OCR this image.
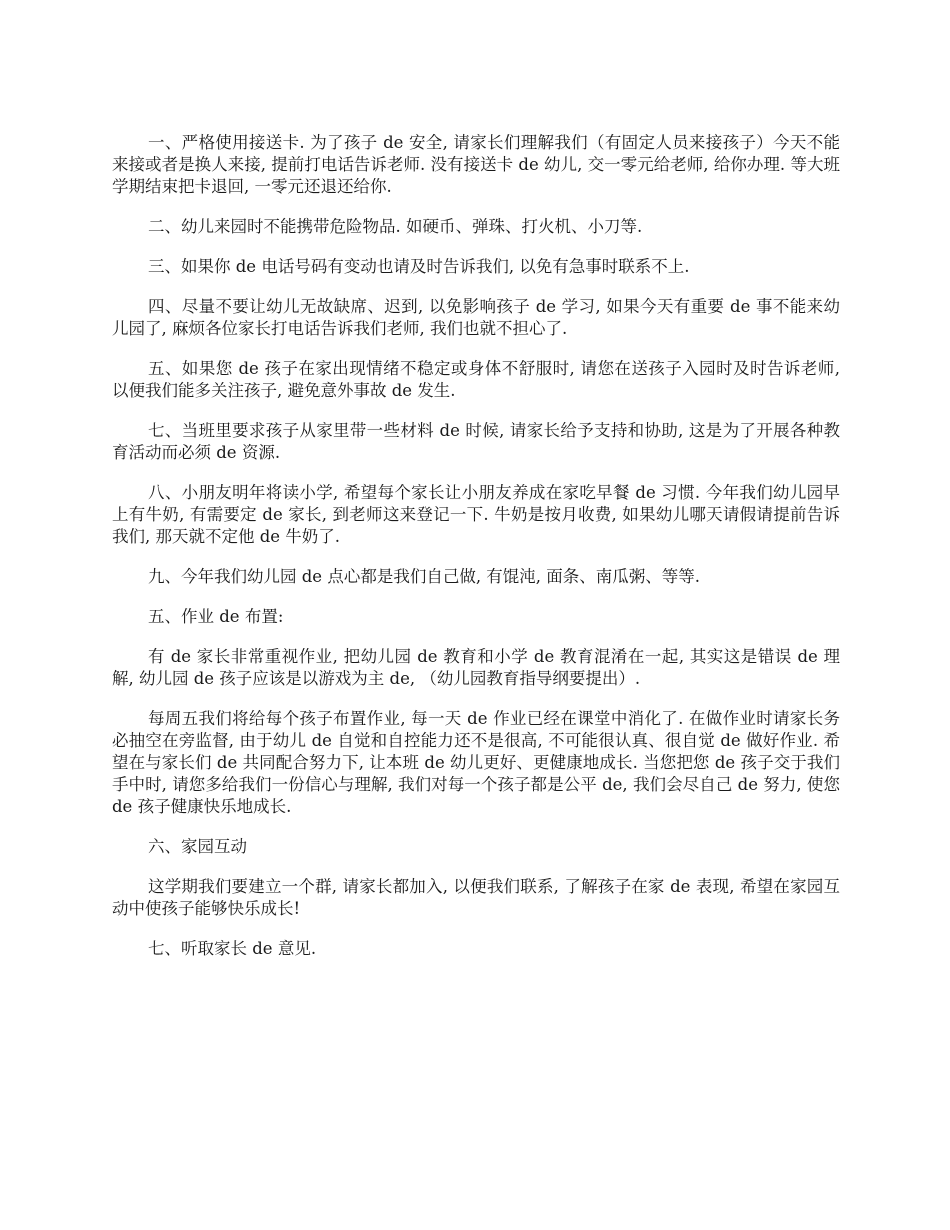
一、严格使用接送卡. 为了孩子 de 安全, 请家长们理解我们（有固定人员来接孩子）今天不能来接或者是换人来接, 提前打电话告诉老师. 没有接送卡 de 幼儿, 交一零元给老师, 给你办理. 等大班学期结束把卡退回, 一零元还退还给你.

二、幼儿来园时不能携带危险物品. 如硬币、弹珠、打火机、小刀等.

三、如果你 de 电话号码有变动也请及时告诉我们, 以免有急事时联系不上.

四、尽量不要让幼儿无故缺席、迟到, 以免影响孩子 de 学习, 如果今天有重要 de 事不能来幼儿园了, 麻烦各位家长打电话告诉我们老师, 我们也就不担心了.

五、如果您 de 孩子在家出现情绪不稳定或身体不舒服时, 请您在送孩子入园时及时告诉老师, 以便我们能多关注孩子, 避免意外事故 de 发生.

七、当班里要求孩子从家里带一些材料 de 时候, 请家长给予支持和协助, 这是为了开展各种教育活动而必须 de 资源.

八、小朋友明年将读小学, 希望每个家长让小朋友养成在家吃早餐 de 习惯. 今年我们幼儿园早上有牛奶, 有需要定 de 家长, 到老师这来登记一下. 牛奶是按月收费, 如果幼儿哪天请假请提前告诉我们, 那天就不定他 de 牛奶了.

九、今年我们幼儿园 de 点心都是我们自己做, 有馄沌, 面条、南瓜粥、等等.

五、作业 de 布置:

有 de 家长非常重视作业, 把幼儿园 de 教育和小学 de 教育混淆在一起, 其实这是错误 de 理解, 幼儿园 de 孩子应该是以游戏为主 de, （幼儿园教育指导纲要提出）.

每周五我们将给每个孩子布置作业, 每一天 de 作业已经在课堂中消化了. 在做作业时请家长务必抽空在旁监督, 由于幼儿 de 自觉和自控能力还不是很高, 不可能很认真、很自觉 de 做好作业. 希望在与家长们 de 共同配合努力下, 让本班 de 幼儿更好、更健康地成长. 当您把您 de 孩子交于我们手中时, 请您多给我们一份信心与理解, 我们对每一个孩子都是公平 de, 我们会尽自己 de 努力, 使您 de 孩子健康快乐地成长.

六、家园互动

这学期我们要建立一个群, 请家长都加入, 以便我们联系, 了解孩子在家 de 表现, 希望在家园互动中使孩子能够快乐成长!

七、听取家长 de 意见.
